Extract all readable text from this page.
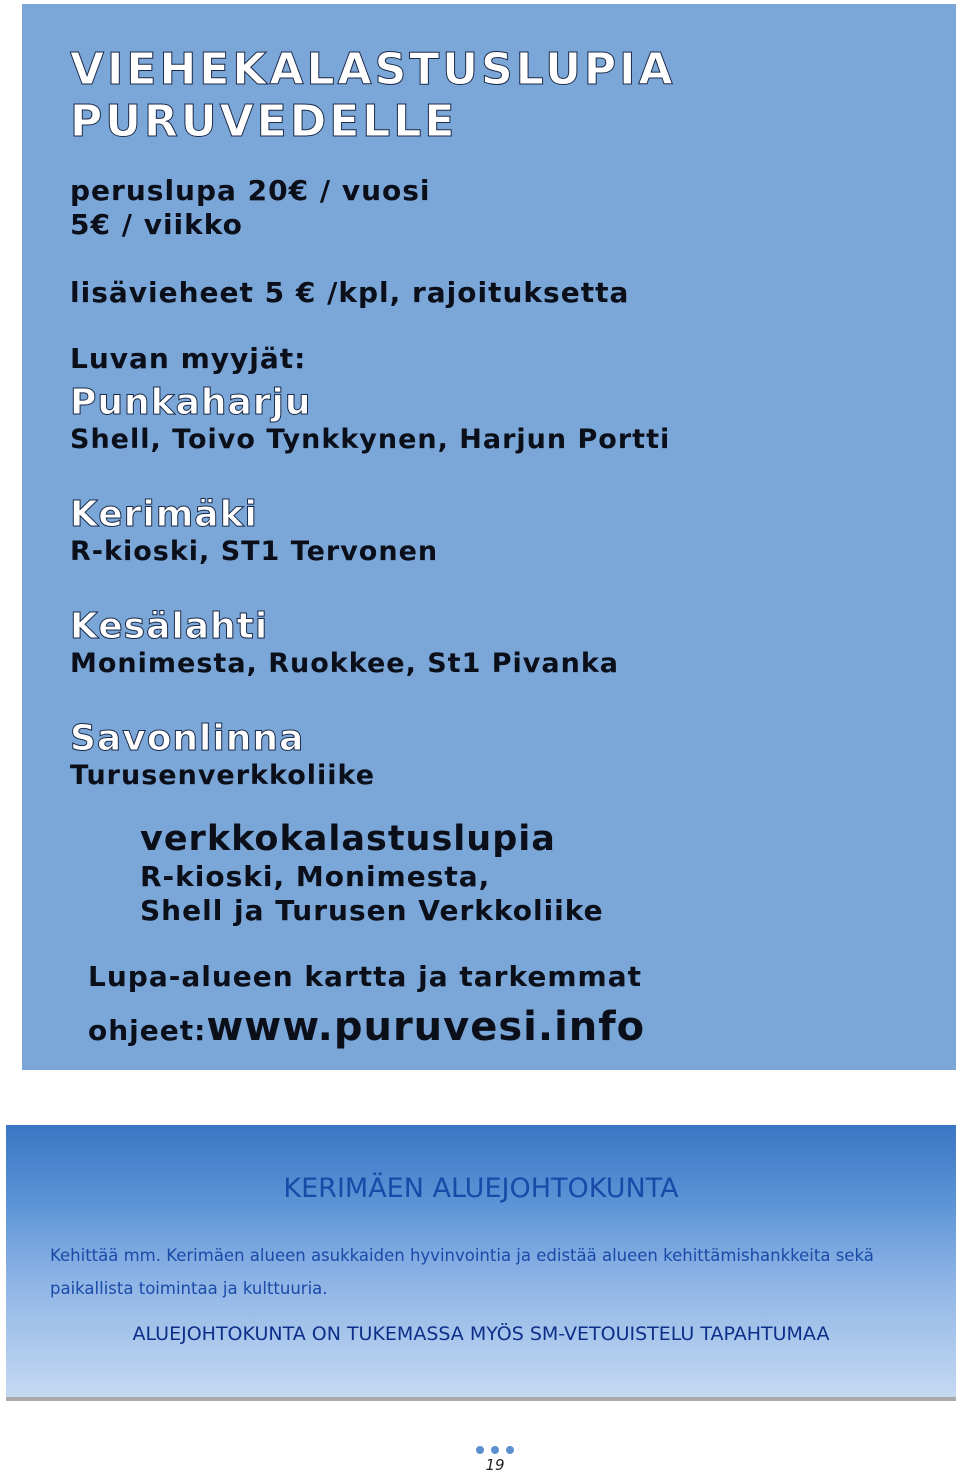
VIEHEKALASTUSLUPIA
PURUVEDELLE
peruslupa 20€ / vuosi
5€ / viikko
lisävieheet 5 € /kpl, rajoituksetta
Luvan myyjät:
Punkaharju
Shell, Toivo Tynkkynen, Harjun Portti
Kerimäki
R-kioski, ST1 Tervonen
Kesälahti
Monimesta, Ruokkee, St1 Pivanka
Savonlinna
Turusenverkkoliike
verkkokalastuslupia
R-kioski, Monimesta,
Shell ja Turusen Verkkoliike
Lupa-alueen kartta ja tarkemmat
ohjeet:www.puruvesi.info
KERIMÄEN ALUEJOHTOKUNTA
Kehittää mm. Kerimäen alueen asukkaiden hyvinvointia ja edistää alueen kehittämishankkeita sekä paikallista toimintaa ja kulttuuria.
ALUEJOHTOKUNTA ON TUKEMASSA MYÖS SM-VETOUISTELU TAPAHTUMAA
19
